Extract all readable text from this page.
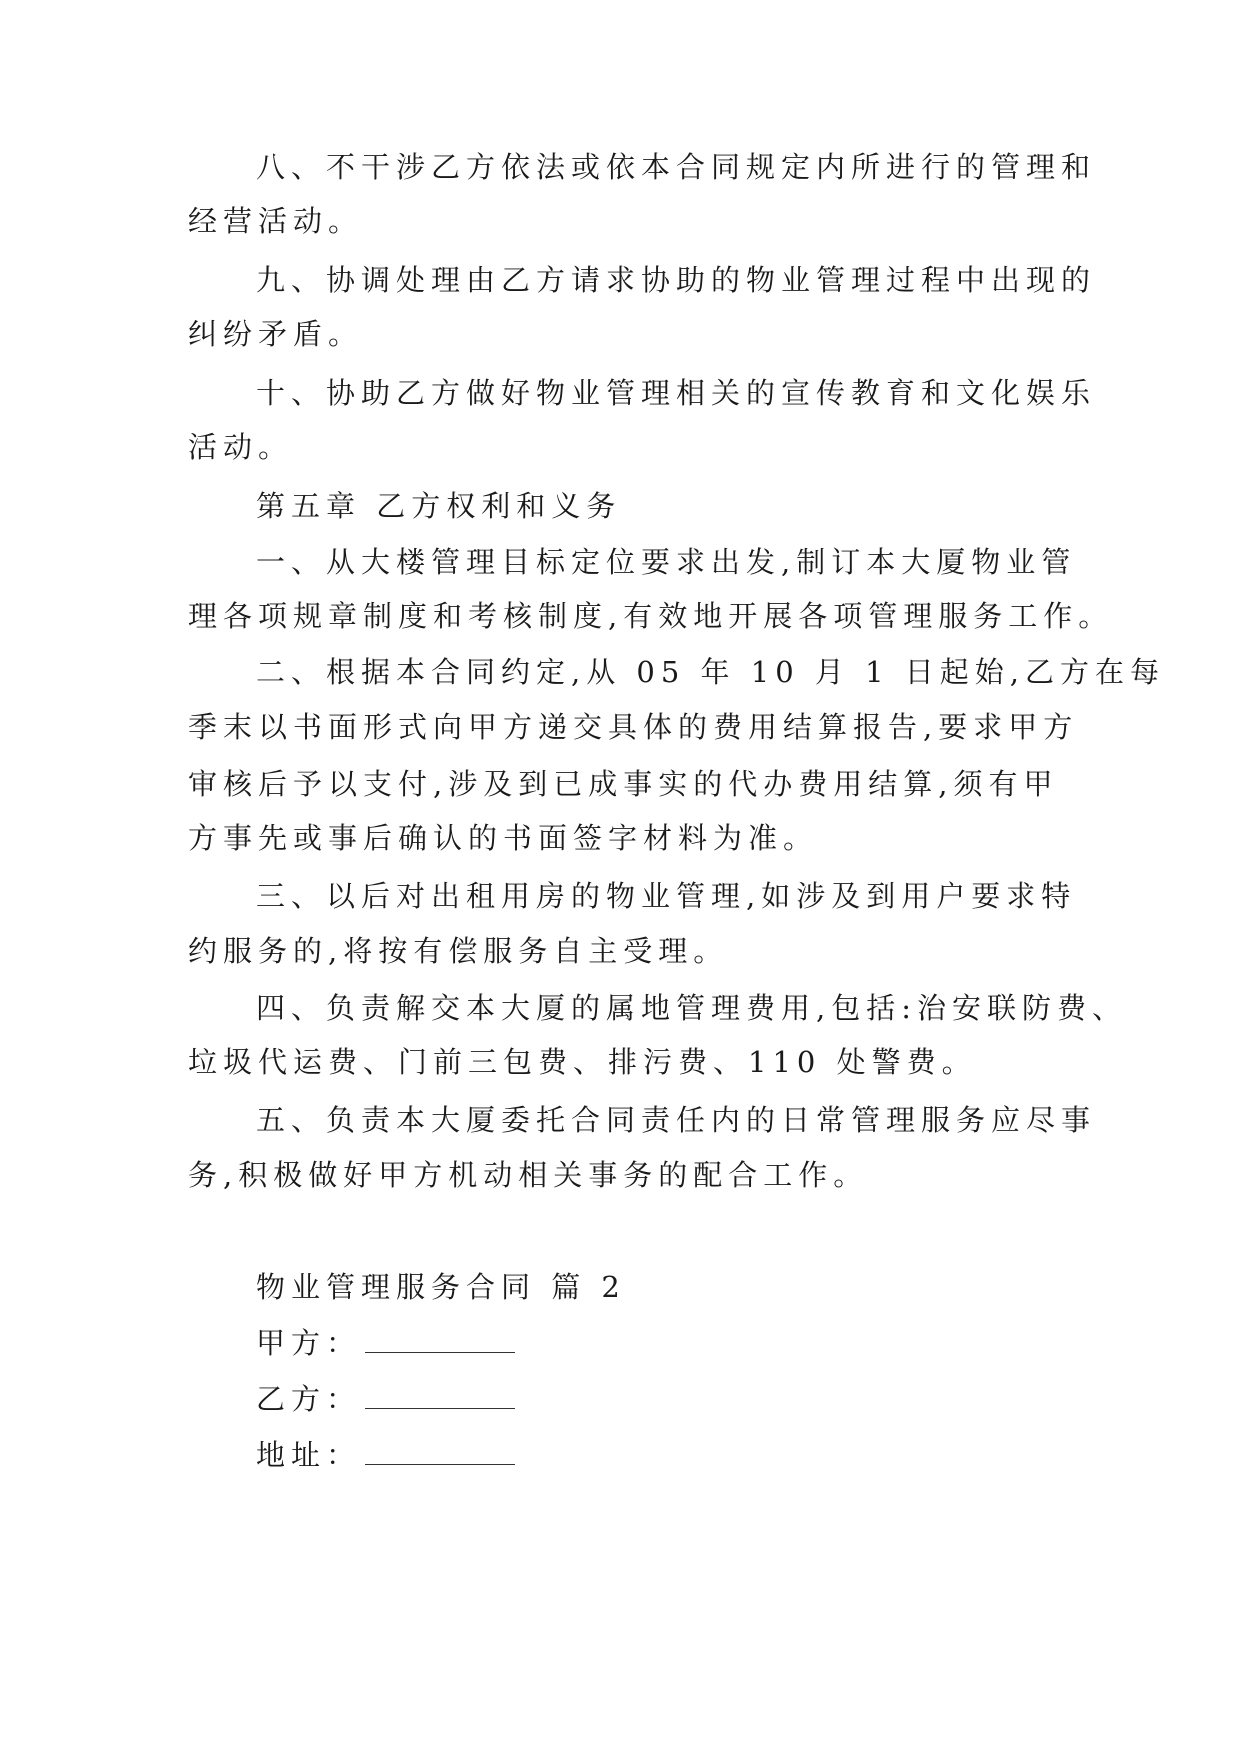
八、不干涉乙方依法或依本合同规定内所进行的管理和
经营活动。
九、协调处理由乙方请求协助的物业管理过程中出现的
纠纷矛盾。
十、协助乙方做好物业管理相关的宣传教育和文化娱乐
活动。
第五章 乙方权利和义务
一、从大楼管理目标定位要求出发,制订本大厦物业管
理各项规章制度和考核制度,有效地开展各项管理服务工作。
二、根据本合同约定,从 05 年 10 月 1 日起始,乙方在每
季末以书面形式向甲方递交具体的费用结算报告,要求甲方
审核后予以支付,涉及到已成事实的代办费用结算,须有甲
方事先或事后确认的书面签字材料为准。
三、以后对出租用房的物业管理,如涉及到用户要求特
约服务的,将按有偿服务自主受理。
四、负责解交本大厦的属地管理费用,包括:治安联防费、
垃圾代运费、门前三包费、排污费、110 处警费。
五、负责本大厦委托合同责任内的日常管理服务应尽事
务,积极做好甲方机动相关事务的配合工作。
物业管理服务合同 篇 2
甲方：
乙方：
地址：
